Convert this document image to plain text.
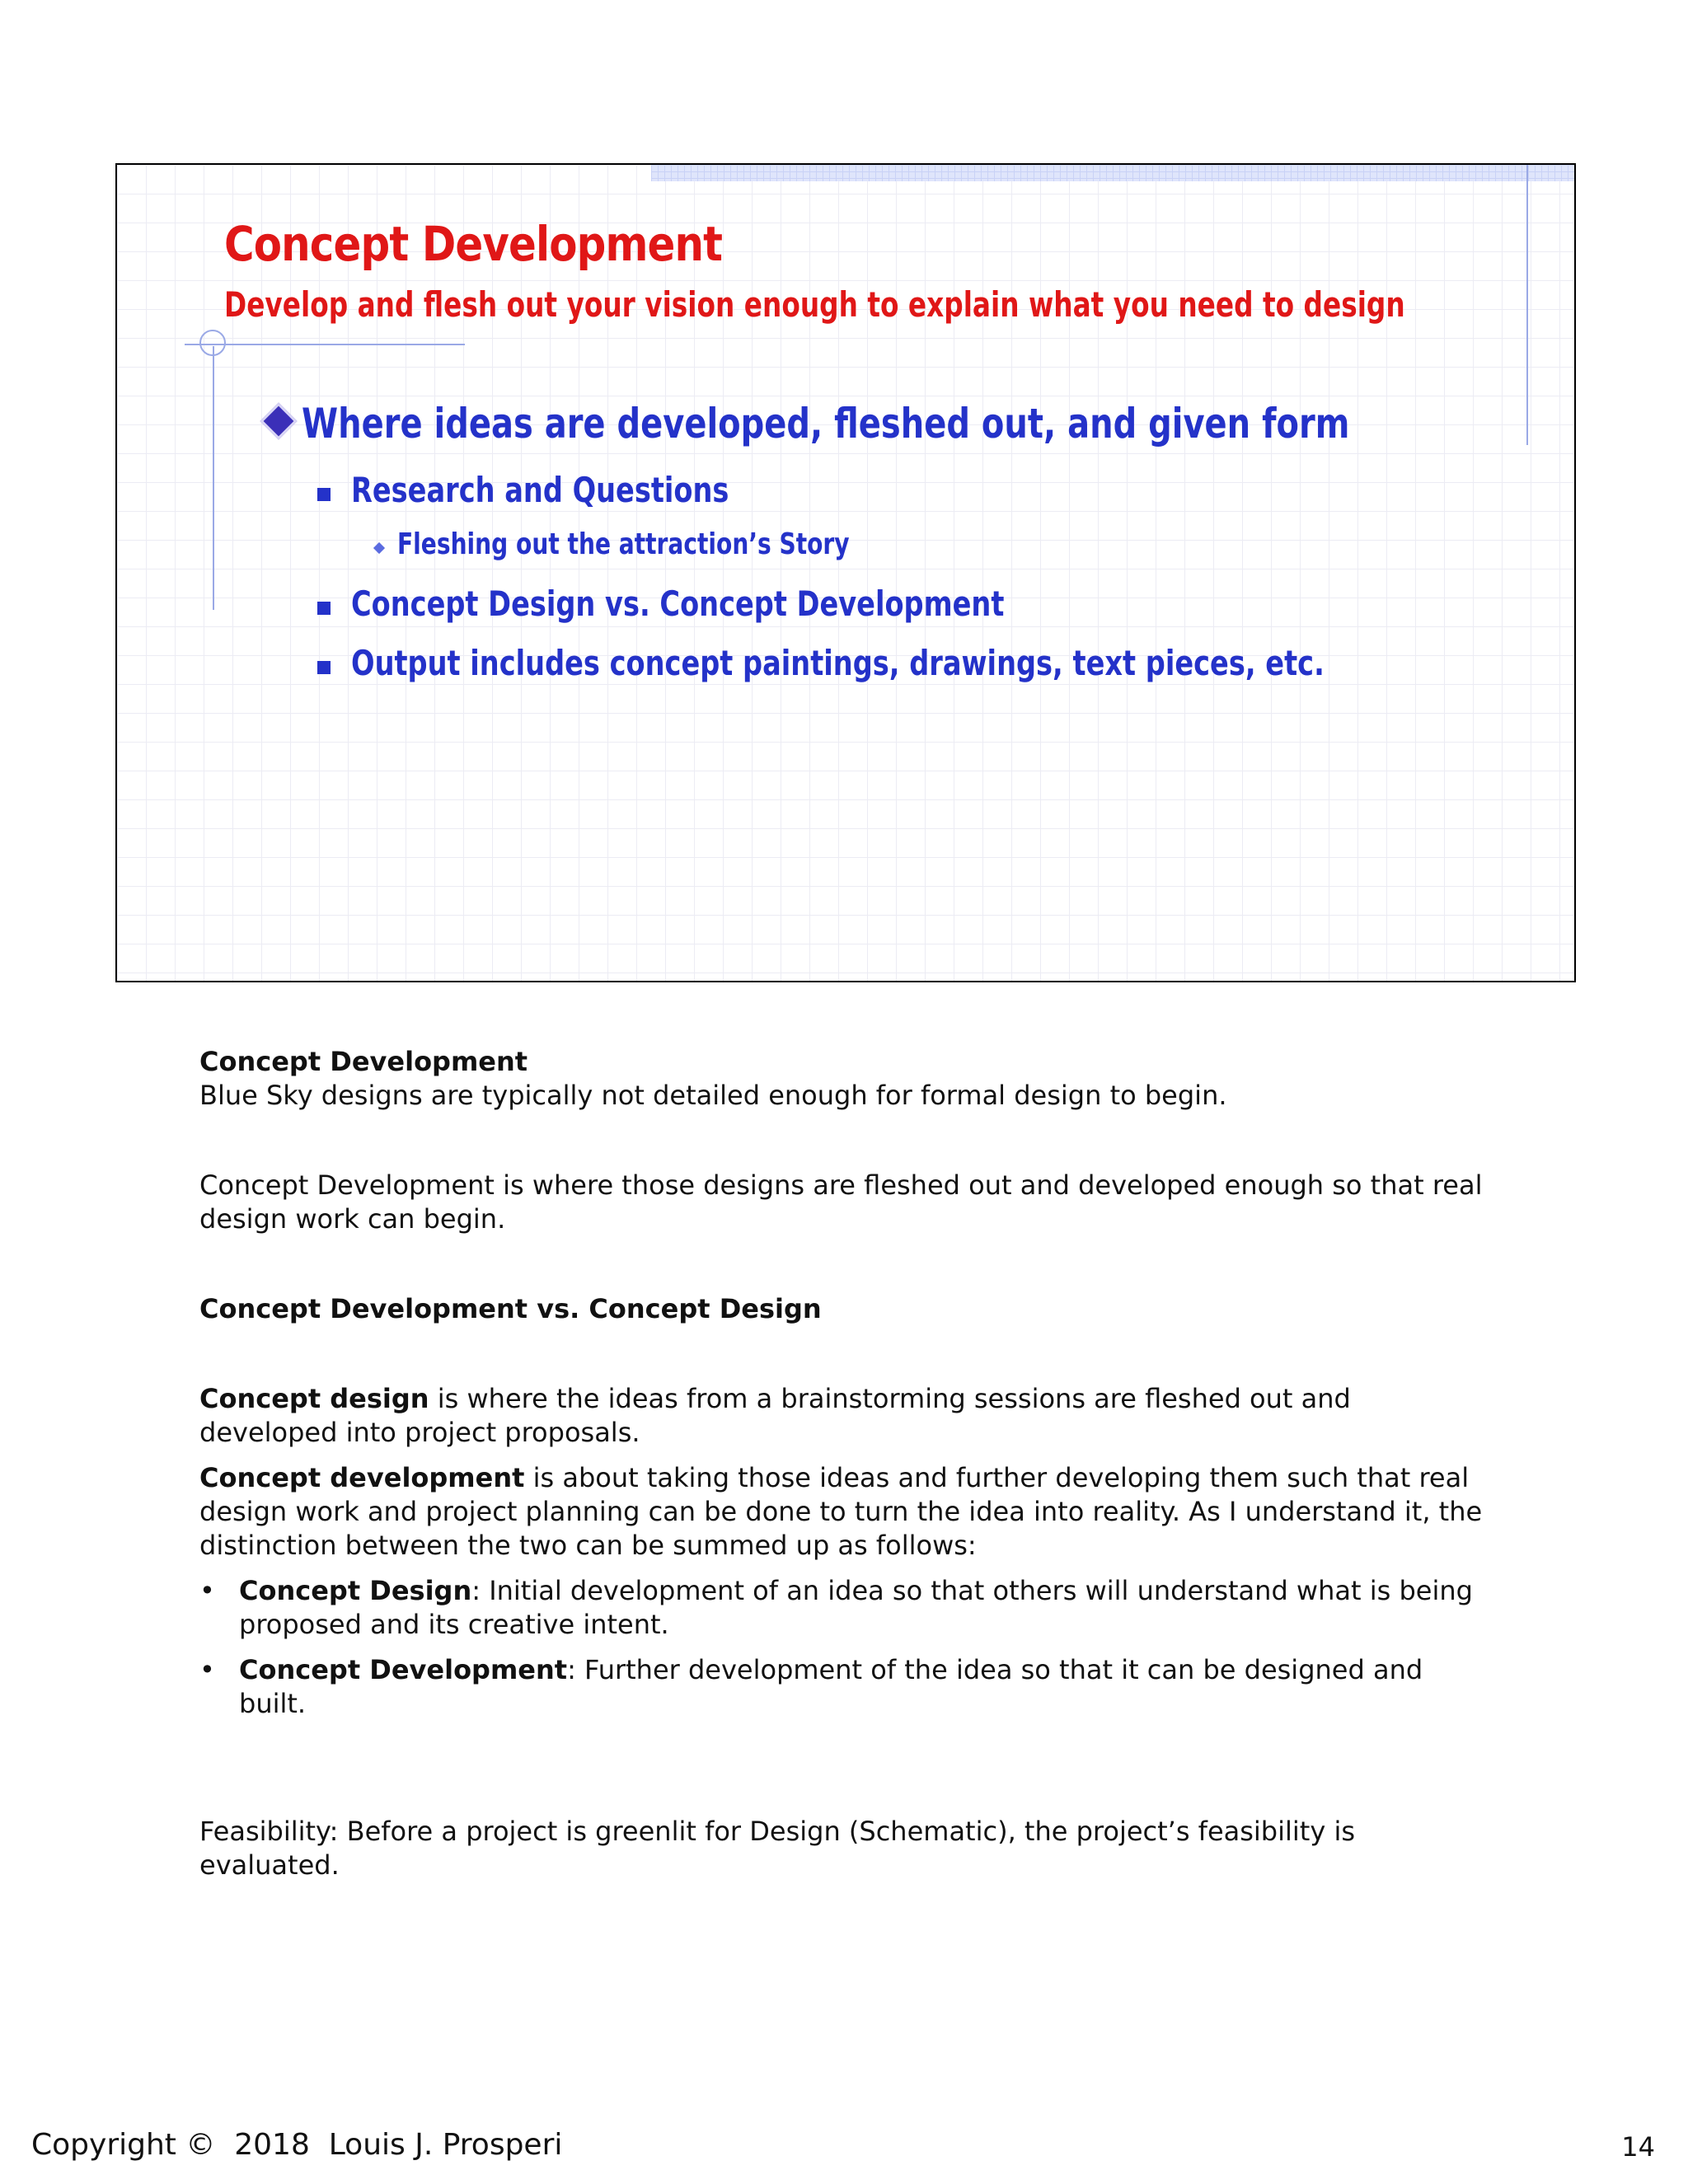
Concept Development
Develop and flesh out your vision enough to explain what you need to design
Where ideas are developed, fleshed out, and given form
Research and Questions
Fleshing out the attraction’s Story
Concept Design vs. Concept Development
Output includes concept paintings, drawings, text pieces, etc.

Concept Development

Blue Sky designs are typically not detailed enough for formal design to begin.

Concept Development is where those designs are fleshed out and developed enough so that real design work can begin.

Concept Development vs. Concept Design

Concept design is where the ideas from a brainstorming sessions are fleshed out and developed into project proposals.

Concept development is about taking those ideas and further developing them such that real design work and project planning can be done to turn the idea into reality. As I understand it, the distinction between the two can be summed up as follows:

• Concept Design: Initial development of an idea so that others will understand what is being proposed and its creative intent.
• Concept Development: Further development of the idea so that it can be designed and built.

Feasibility: Before a project is greenlit for Design (Schematic), the project’s feasibility is evaluated.

Copyright ©  2018  Louis J. Prosperi	14
